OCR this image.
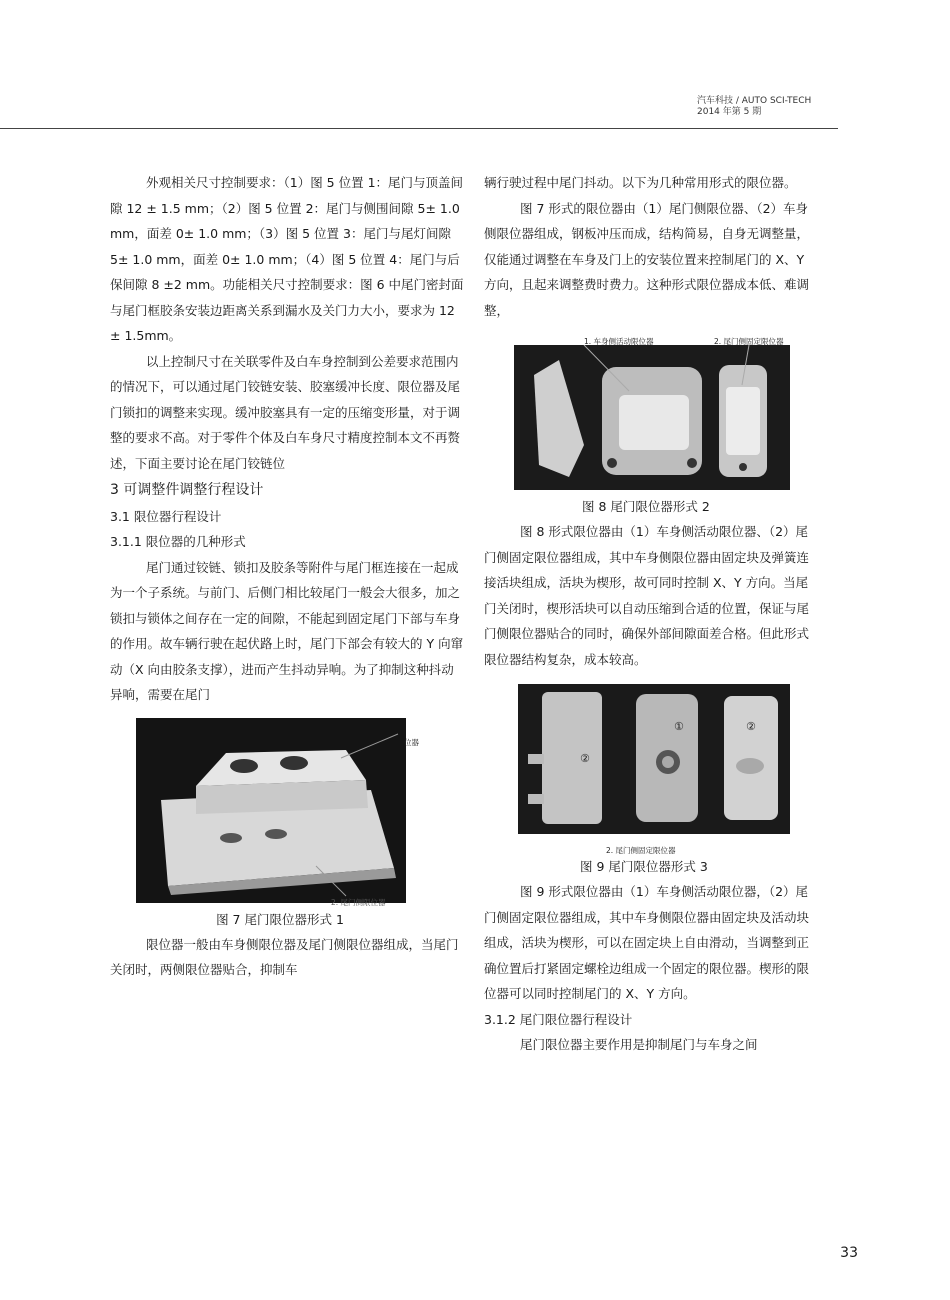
汽车科技 / AUTO SCI-TECH
2014 年第 5 期

外观相关尺寸控制要求：（1）图 5 位置 1：尾门与顶盖间隙 12 ± 1.5 mm；（2）图 5 位置 2：尾门与侧围间隙 5± 1.0 mm，面差 0± 1.0 mm；（3）图 5 位置 3：尾门与尾灯间隙 5± 1.0 mm，面差 0± 1.0 mm；（4）图 5 位置 4：尾门与后保间隙 8 ±2 mm。功能相关尺寸控制要求：图 6 中尾门密封面与尾门框胶条安装边距离关系到漏水及关门力大小，要求为 12 ± 1.5mm。

以上控制尺寸在关联零件及白车身控制到公差要求范围内的情况下，可以通过尾门铰链安装、胶塞缓冲长度、限位器及尾门锁扣的调整来实现。缓冲胶塞具有一定的压缩变形量，对于调整的要求不高。对于零件个体及白车身尺寸精度控制本文不再赘述，下面主要讨论在尾门铰链位

3 可调整件调整行程设计

3.1 限位器行程设计

3.1.1 限位器的几种形式

尾门通过铰链、锁扣及胶条等附件与尾门框连接在一起成为一个子系统。与前门、后侧门相比较尾门一般会大很多，加之锁扣与锁体之间存在一定的间隙，不能起到固定尾门下部与车身的作用。故车辆行驶在起伏路上时，尾门下部会有较大的 Y 向窜动（X 向由胶条支撑），进而产生抖动异响。为了抑制这种抖动异响，需要在尾门

位器
2. 尾门侧限位器

图 7 尾门限位器形式 1

限位器一般由车身侧限位器及尾门侧限位器组成，当尾门关闭时，两侧限位器贴合，抑制车

辆行驶过程中尾门抖动。以下为几种常用形式的限位器。

图 7 形式的限位器由（1）尾门侧限位器、（2）车身侧限位器组成，钢板冲压而成，结构简易，自身无调整量，仅能通过调整在车身及门上的安装位置来控制尾门的 X、Y 方向，且起来调整费时费力。这种形式限位器成本低、难调整，

1. 车身侧活动限位器	2. 尾门侧固定限位器

图 8 尾门限位器形式 2

图 8 形式限位器由（1）车身侧活动限位器、（2）尾门侧固定限位器组成，其中车身侧限位器由固定块及弹簧连接活块组成，活块为楔形，故可同时控制 X、Y 方向。当尾门关闭时，楔形活块可以自动压缩到合适的位置，保证与尾门侧限位器贴合的同时，确保外部间隙面差合格。但此形式限位器结构复杂，成本较高。

①
②
②
2. 尾门侧固定限位器

图 9 尾门限位器形式 3

图 9 形式限位器由（1）车身侧活动限位器，（2）尾门侧固定限位器组成，其中车身侧限位器由固定块及活动块组成，活块为楔形，可以在固定块上自由滑动，当调整到正确位置后打紧固定螺栓边组成一个固定的限位器。楔形的限位器可以同时控制尾门的 X、Y 方向。

3.1.2 尾门限位器行程设计

尾门限位器主要作用是抑制尾门与车身之间

33
